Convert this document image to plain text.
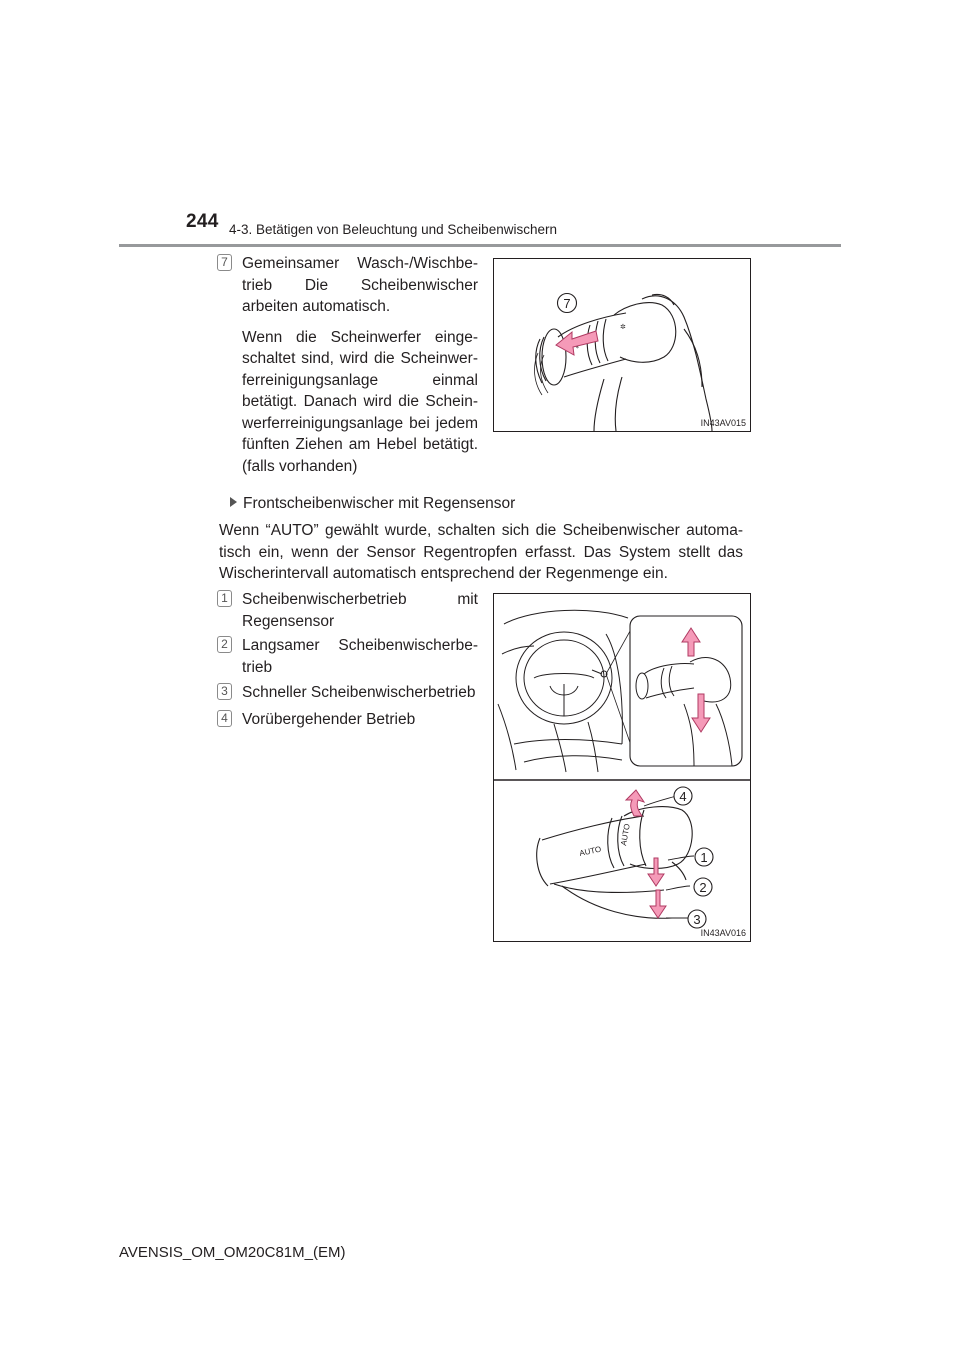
244 4-3. Betätigen von Beleuchtung und Scheibenwischern
7 Gemeinsamer Wasch-/Wischbetrieb Die Scheibenwischer arbeiten automatisch.

Wenn die Scheinwerfer eingeschaltet sind, wird die Scheinwerferreinigungsanlage einmal betätigt. Danach wird die Scheinwerferreinigungsanlage bei jedem fünften Ziehen am Hebel betätigt. (falls vorhanden)

✲
7
IN43AV015
Frontscheibenwischer mit Regensensor
Wenn “AUTO” gewählt wurde, schalten sich die Scheibenwischer automatisch ein, wenn der Sensor Regentropfen erfasst. Das System stellt das Wischerintervall automatisch entsprechend der Regenmenge ein.
1 Scheibenwischerbetrieb mit Regensensor
2 Langsamer Scheibenwischerbetrieb
3 Schneller Scheibenwischerbetrieb
4 Vorübergehender Betrieb
AUTO
AUTO
4
1
2
3
IN43AV016
AVENSIS_OM_OM20C81M_(EM)
